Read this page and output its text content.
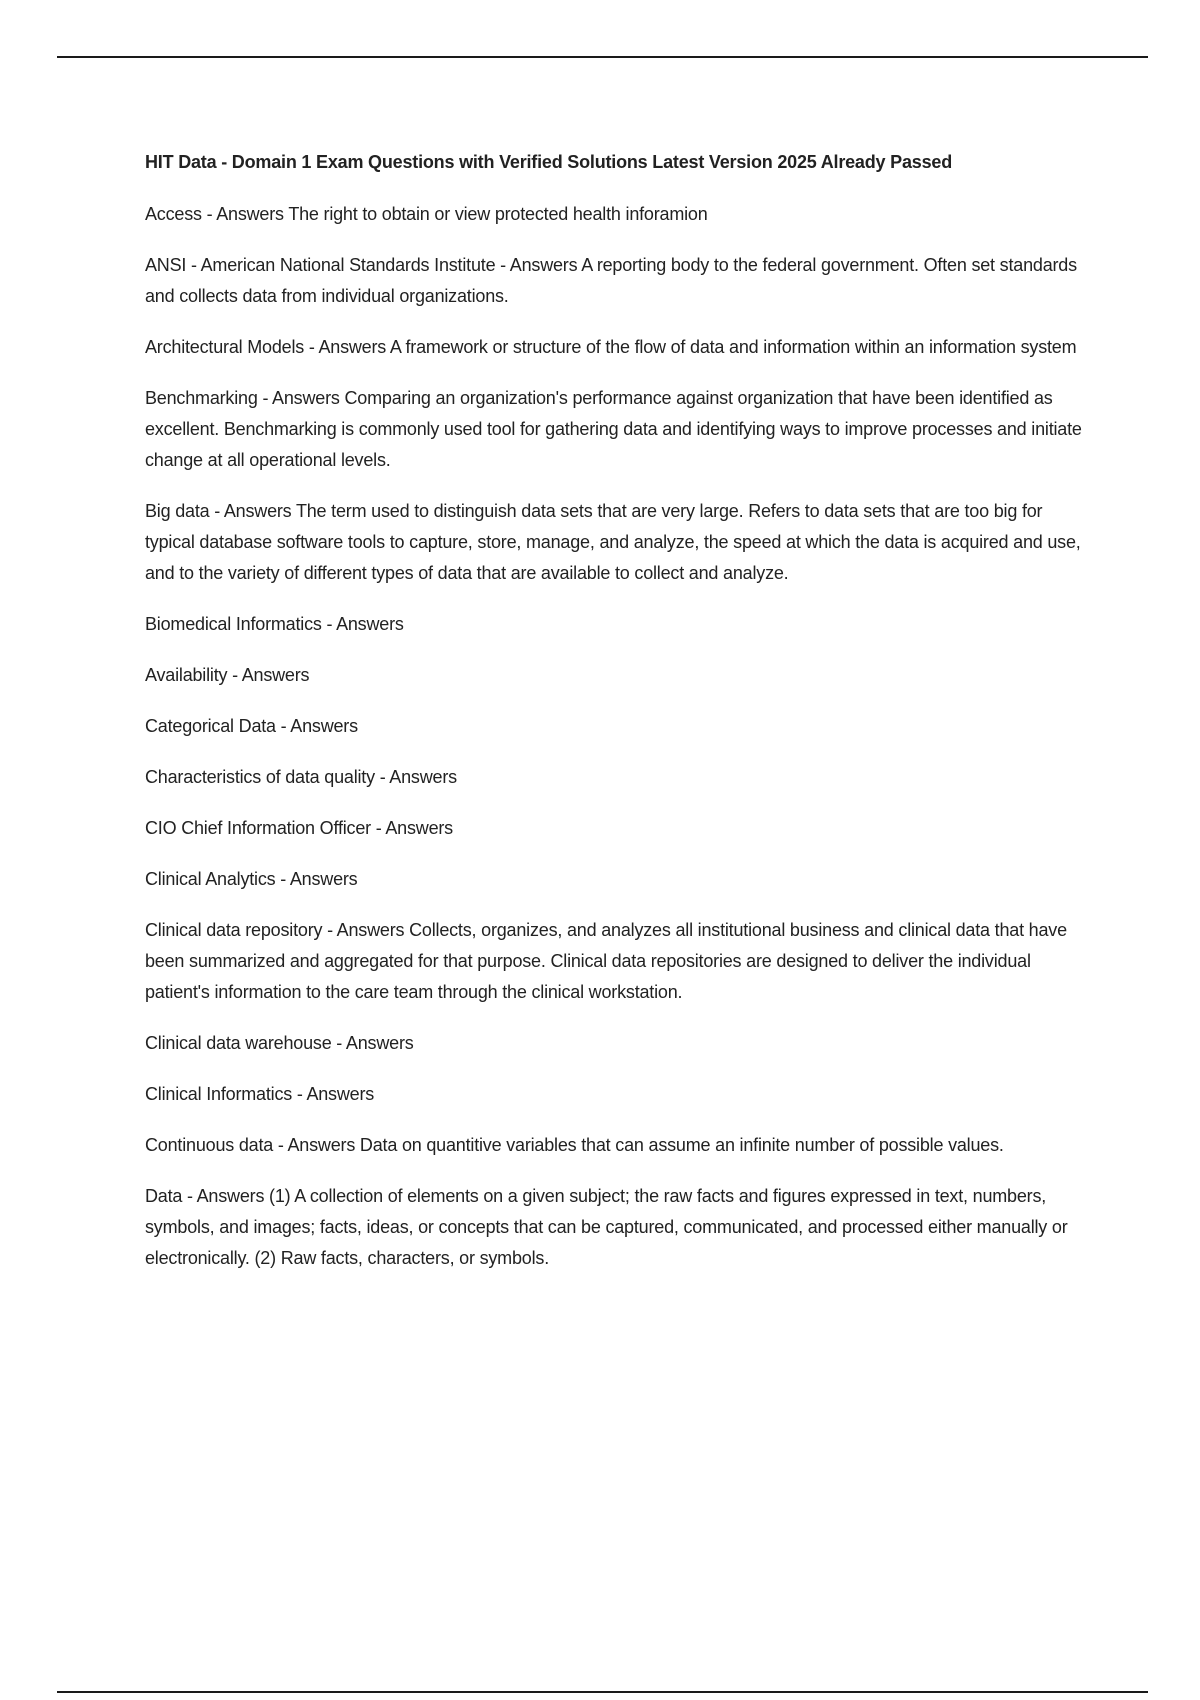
HIT Data - Domain 1 Exam Questions with Verified Solutions Latest Version 2025 Already Passed

Access - Answers The right to obtain or view protected health inforamion

ANSI - American National Standards Institute - Answers A reporting body to the federal government. Often set standards and collects data from individual organizations.

Architectural Models - Answers A framework or structure of the flow of data and information within an information system

Benchmarking - Answers Comparing an organization's performance against organization that have been identified as excellent. Benchmarking is commonly used tool for gathering data and identifying ways to improve processes and initiate change at all operational levels.

Big data - Answers The term used to distinguish data sets that are very large. Refers to data sets that are too big for typical database software tools to capture, store, manage, and analyze, the speed at which the data is acquired and use, and to the variety of different types of data that are available to collect and analyze.

Biomedical Informatics - Answers

Availability - Answers

Categorical Data - Answers

Characteristics of data quality - Answers

CIO Chief Information Officer - Answers

Clinical Analytics - Answers

Clinical data repository - Answers Collects, organizes, and analyzes all institutional business and clinical data that have been summarized and aggregated for that purpose. Clinical data repositories are designed to deliver the individual patient's information to the care team through the clinical workstation.

Clinical data warehouse - Answers

Clinical Informatics - Answers

Continuous data - Answers Data on quantitive variables that can assume an infinite number of possible values.

Data - Answers (1) A collection of elements on a given subject; the raw facts and figures expressed in text, numbers, symbols, and images; facts, ideas, or concepts that can be captured, communicated, and processed either manually or electronically. (2) Raw facts, characters, or symbols.
